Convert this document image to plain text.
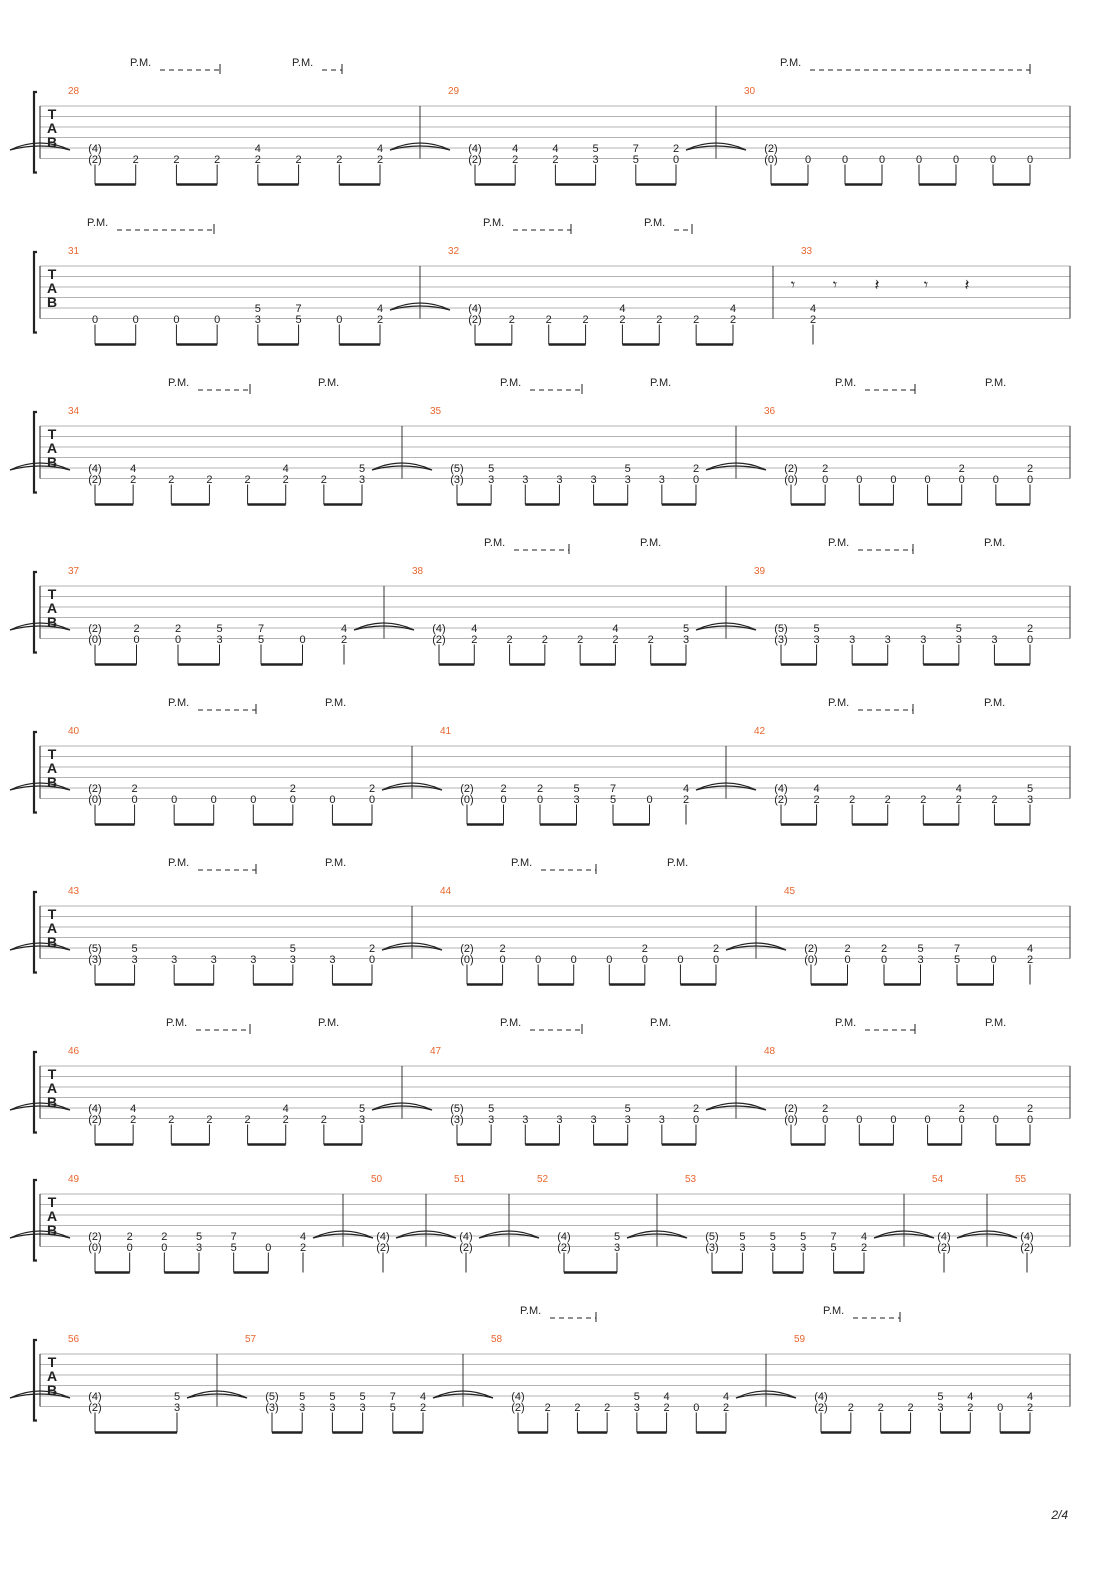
T
A
B
28
(4)
(2)	2	2	2
4
2	2	2
4
2
29
(4)
(2)
4
2
4
2
5
3
7
5
2
0
30
(2)
(0) 0	0	0	0	0	0	0
P.M.	P.M.	P.M.
T
A
B
31
0	0	0	0
5
3
7
5	0
4
2
32
(4)
(2) 2	2	2
4
2	2	2
4
2
33
4
2
𝄾 𝄾 𝄽	𝄾 𝄽
P.M.	P.M.	P.M.
T
A
B
34
(4)
(2)
4
2	2	2	2
4
2	2
5
3
35
(5)
(3)
5
3	3	3	3
5
3	3
2
0
36
(2)
(0)
2
0	0	0	0
2
0	0
2
0
P.M.	P.M.	P.M.	P.M.	P.M.	P.M.
T
A
B
37
(2)
(0)
2
0
2
0
5
3
7
5	0
4
2
38
(4)
(2)
4
2	2	2	2
4
2	2
5
3
39
(5)
(3)
5
3	3	3	3
5
3	3
2
0
P.M.	P.M.	P.M.	P.M.
T
A
B
40
(2)
(0)
2
0	0	0	0
2
0	0
2
0
41
(2)
(0)
2
0
2
0
5
3
7
5	0
4
2
42
(4)
(2)
4
2	2	2	2
4
2	2
5
3
P.M.	P.M.	P.M.	P.M.
T
A
B
43
(5)
(3)
5
3	3	3	3
5
3	3
2
0
44
(2)
(0)
2
0	0	0	0
2
0	0
2
0
45
(2)
(0)
2
0
2
0
5
3
7
5	0
4
2
P.M.	P.M.	P.M.	P.M.
T
A
B
46
(4)
(2)
4
2	2	2	2
4
2	2
5
3
47
(5)
(3)
5
3	3	3	3
5
3	3
2
0
48
(2)
(0)
2
0	0	0	0
2
0	0
2
0
P.M.	P.M.	P.M.	P.M.	P.M.	P.M.
T
A
B
49
(2)
(0)
2
0
2
0
5
3
7
5	0
4
2
50
(4)
(2)
51
(4)
(2)
52
(4)
(2)
5
3
53
(5)
(3)
5
3
5
3
5
3
7
5
4
2
54
(4)
(2)
55
(4)
(2)
T
A
B
56
(4)
(2)
5
3
57
(5)
(3)
5
3
5
3
5
3
7
5
4
2
58
(4)
(2) 2 2 2
5
3
4
2 0
4
2
59
(4)
(2) 2 2 2
5
3
4
2 0
4
2
P.M.	P.M.
2/4
